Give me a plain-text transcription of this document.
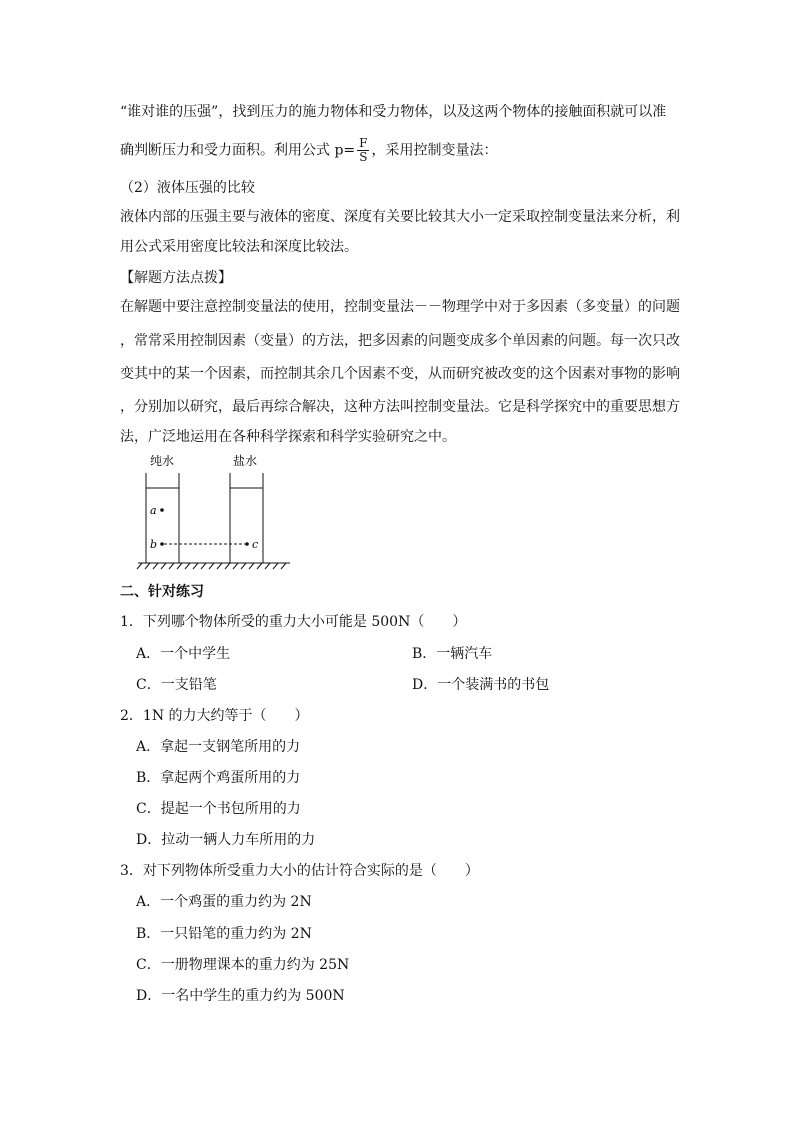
“谁对谁的压强”，找到压力的施力物体和受力物体，以及这两个物体的接触面积就可以准
确判断压力和受力面积。利用公式 $p= \frac{F}{S}$ ，采用控制变量法：
（2）液体压强的比较
液体内部的压强主要与液体的密度、深度有关要比较其大小一定采取控制变量法来分析，利
用公式采用密度比较法和深度比较法。
【解题方法点拨】
在解题中要注意控制变量法的使用，控制变量法－－物理学中对于多因素（多变量）的问题
，常常采用控制因素（变量）的方法，把多因素的问题变成多个单因素的问题。每一次只改
变其中的某一个因素，而控制其余几个因素不变，从而研究被改变的这个因素对事物的影响
，分别加以研究，最后再综合解决，这种方法叫控制变量法。它是科学探究中的重要思想方
法，广泛地运用在各种科学探索和科学实验研究之中。
纯水	盐水
a
b	c
二、针对练习
1．下列哪个物体所受的重力大小可能是 500N（　　）
A．一个中学生	B．一辆汽车
C．一支铅笔	D．一个装满书的书包
2．1N 的力大约等于（　　）
A．拿起一支钢笔所用的力
B．拿起两个鸡蛋所用的力
C．提起一个书包所用的力
D．拉动一辆人力车所用的力
3．对下列物体所受重力大小的估计符合实际的是（　　）
A．一个鸡蛋的重力约为 2N
B．一只铅笔的重力约为 2N
C．一册物理课本的重力约为 25N
D．一名中学生的重力约为 500N
